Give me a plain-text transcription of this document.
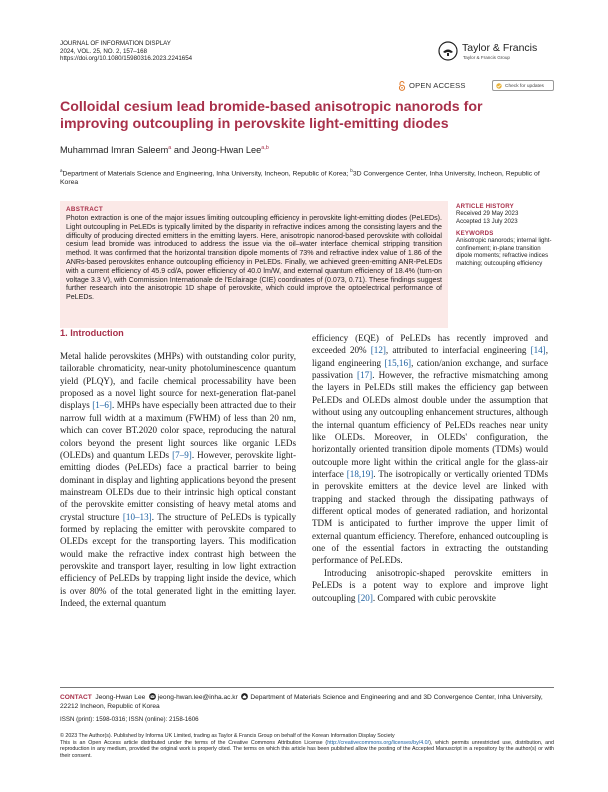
JOURNAL OF INFORMATION DISPLAY
2024, VOL. 25, NO. 2, 157–168
https://doi.org/10.1080/15980316.2023.2241654
Taylor & Francis
Taylor & Francis Group
OPEN ACCESS	Check for updates
Colloidal cesium lead bromide-based anisotropic nanorods for improving outcoupling in perovskite light-emitting diodes
Muhammad Imran Saleem$^a$ and Jeong-Hwan Lee$^{a,b}$
$^a$Department of Materials Science and Engineering, Inha University, Incheon, Republic of Korea; $^b$3D Convergence Center, Inha University, Incheon, Republic of Korea
ABSTRACT
Photon extraction is one of the major issues limiting outcoupling efficiency in perovskite light-emitting diodes (PeLEDs). Light outcoupling in PeLEDs is typically limited by the disparity in refractive indices among the consisting layers and the difficulty of producing directed emitters in the emitting layers. Here, anisotropic nanorod-based perovskite with colloidal cesium lead bromide was introduced to address the issue via the oil–water interface chemical stripping transition method. It was confirmed that the horizontal transition dipole moments of 73% and refractive index value of 1.86 of the ANRs-based perovskites enhance outcoupling efficiency in PeLEDs. Finally, we achieved green-emitting ANR-PeLEDs with a current efficiency of 45.9 cd/A, power efficiency of 40.0 lm/W, and external quantum efficiency of 18.4% (turn-on voltage 3.3 V), with Commission Internationale de l'Eclairage (CIE) coordinates of (0.073, 0.71). These findings suggest further research into the anisotropic 1D shape of perovskite, which could improve the optoelectrical performance of PeLEDs.
ARTICLE HISTORY
Received 29 May 2023
Accepted 13 July 2023
KEYWORDS
Anisotropic nanorods; internal light-confinement; in-plane transition dipole moments; refractive indices matching; outcoupling efficiency
1. Introduction

Metal halide perovskites (MHPs) with outstanding color purity, tailorable chromaticity, near-unity photoluminescence quantum yield (PLQY), and facile chemical processability have been proposed as a novel light source for next-generation flat-panel displays [1–6]. MHPs have especially been attracted due to their narrow full width at a maximum (FWHM) of less than 20 nm, which can cover BT.2020 color space, reproducing the natural colors beyond the present light sources like organic LEDs (OLEDs) and quantum LEDs [7–9]. However, perovskite light-emitting diodes (PeLEDs) face a practical barrier to being dominant in display and lighting applications beyond the present mainstream OLEDs due to their intrinsic high optical constant of the perovskite emitter consisting of heavy metal atoms and crystal structure [10–13]. The structure of PeLEDs is typically formed by replacing the emitter with perovskite compared to OLEDs except for the transporting layers. This modification would make the refractive index contrast high between the perovskite and transport layer, resulting in low light extraction efficiency of PeLEDs by trapping light inside the device, which is over 80% of the total generated light in the emitting layer. Indeed, the external quantum

efficiency (EQE) of PeLEDs has recently improved and exceeded 20% [12], attributed to interfacial engineering [14], ligand engineering [15,16], cation/anion exchange, and surface passivation [17]. However, the refractive mismatching among the layers in PeLEDs still makes the efficiency gap between PeLEDs and OLEDs almost double under the assumption that without using any outcoupling enhancement structures, although the internal quantum efficiency of PeLEDs reaches near unity like OLEDs. Moreover, in OLEDs' configuration, the horizontally oriented transition dipole moments (TDMs) would outcouple more light within the critical angle for the glass-air interface [18,19]. The isotropically or vertically oriented TDMs in perovskite emitters at the device level are linked with trapping and stacked through the dissipating pathways of different optical modes of generated radiation, and horizontal TDM is anticipated to further improve the upper limit of external quantum efficiency. Therefore, enhanced outcoupling is one of the essential factors in extracting the outstanding performance of PeLEDs.

Introducing anisotropic-shaped perovskite emitters in PeLEDs is a potent way to explore and improve light outcoupling [20]. Compared with cubic perovskite

CONTACT Jeong-Hwan Lee jeong-hwan.lee@inha.ac.kr Department of Materials Science and Engineering and and 3D Convergence Center, Inha University, 22212 Incheon, Republic of Korea
ISSN (print): 1598-0316; ISSN (online): 2158-1606
© 2023 The Author(s). Published by Informa UK Limited, trading as Taylor & Francis Group on behalf of the Korean Information Display Society
This is an Open Access article distributed under the terms of the Creative Commons Attribution License (http://creativecommons.org/licenses/by/4.0/), which permits unrestricted use, distribution, and reproduction in any medium, provided the original work is properly cited. The terms on which this article has been published allow the posting of the Accepted Manuscript in a repository by the author(s) or with their consent.
